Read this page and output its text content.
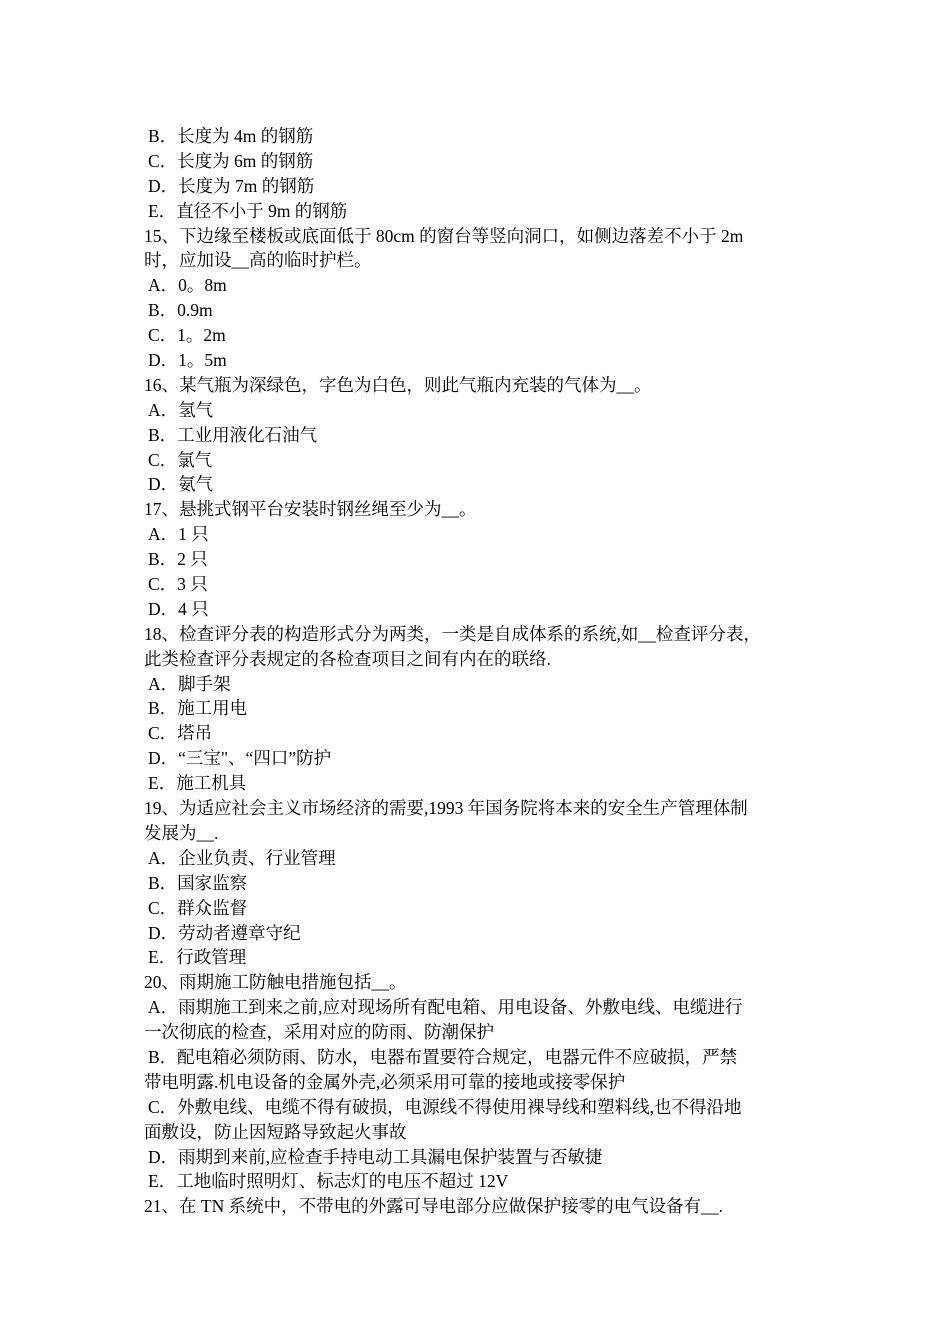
B．长度为 4m 的钢筋
C．长度为 6m 的钢筋
D．长度为 7m 的钢筋
E．直径不小于 9m 的钢筋
15、下边缘至楼板或底面低于 80cm 的窗台等竖向洞口，如侧边落差不小于 2m
时，应加设__高的临时护栏。
A．0。8m
B．0.9m
C．1。2m
D．1。5m
16、某气瓶为深绿色，字色为白色，则此气瓶内充装的气体为__。
A．氢气
B．工业用液化石油气
C．氯气
D．氨气
17、悬挑式钢平台安装时钢丝绳至少为__。
A．1 只
B．2 只
C．3 只
D．4 只
18、检查评分表的构造形式分为两类，一类是自成体系的系统,如__检查评分表，
此类检查评分表规定的各检查项目之间有内在的联络.
A．脚手架
B．施工用电
C．塔吊
D．“三宝"、“四口”防护
E．施工机具
19、为适应社会主义市场经济的需要,1993 年国务院将本来的安全生产管理体制
发展为__.
A．企业负责、行业管理
B．国家监察
C．群众监督
D．劳动者遵章守纪
E．行政管理
20、雨期施工防触电措施包括__。
A．雨期施工到来之前,应对现场所有配电箱、用电设备、外敷电线、电缆进行
一次彻底的检查，采用对应的防雨、防潮保护
B．配电箱必须防雨、防水，电器布置要符合规定，电器元件不应破损，严禁
带电明露.机电设备的金属外壳,必须采用可靠的接地或接零保护
C．外敷电线、电缆不得有破损，电源线不得使用裸导线和塑料线,也不得沿地
面敷设，防止因短路导致起火事故
D．雨期到来前,应检查手持电动工具漏电保护装置与否敏捷
E．工地临时照明灯、标志灯的电压不超过 12V
21、在 TN 系统中，不带电的外露可导电部分应做保护接零的电气设备有__.
